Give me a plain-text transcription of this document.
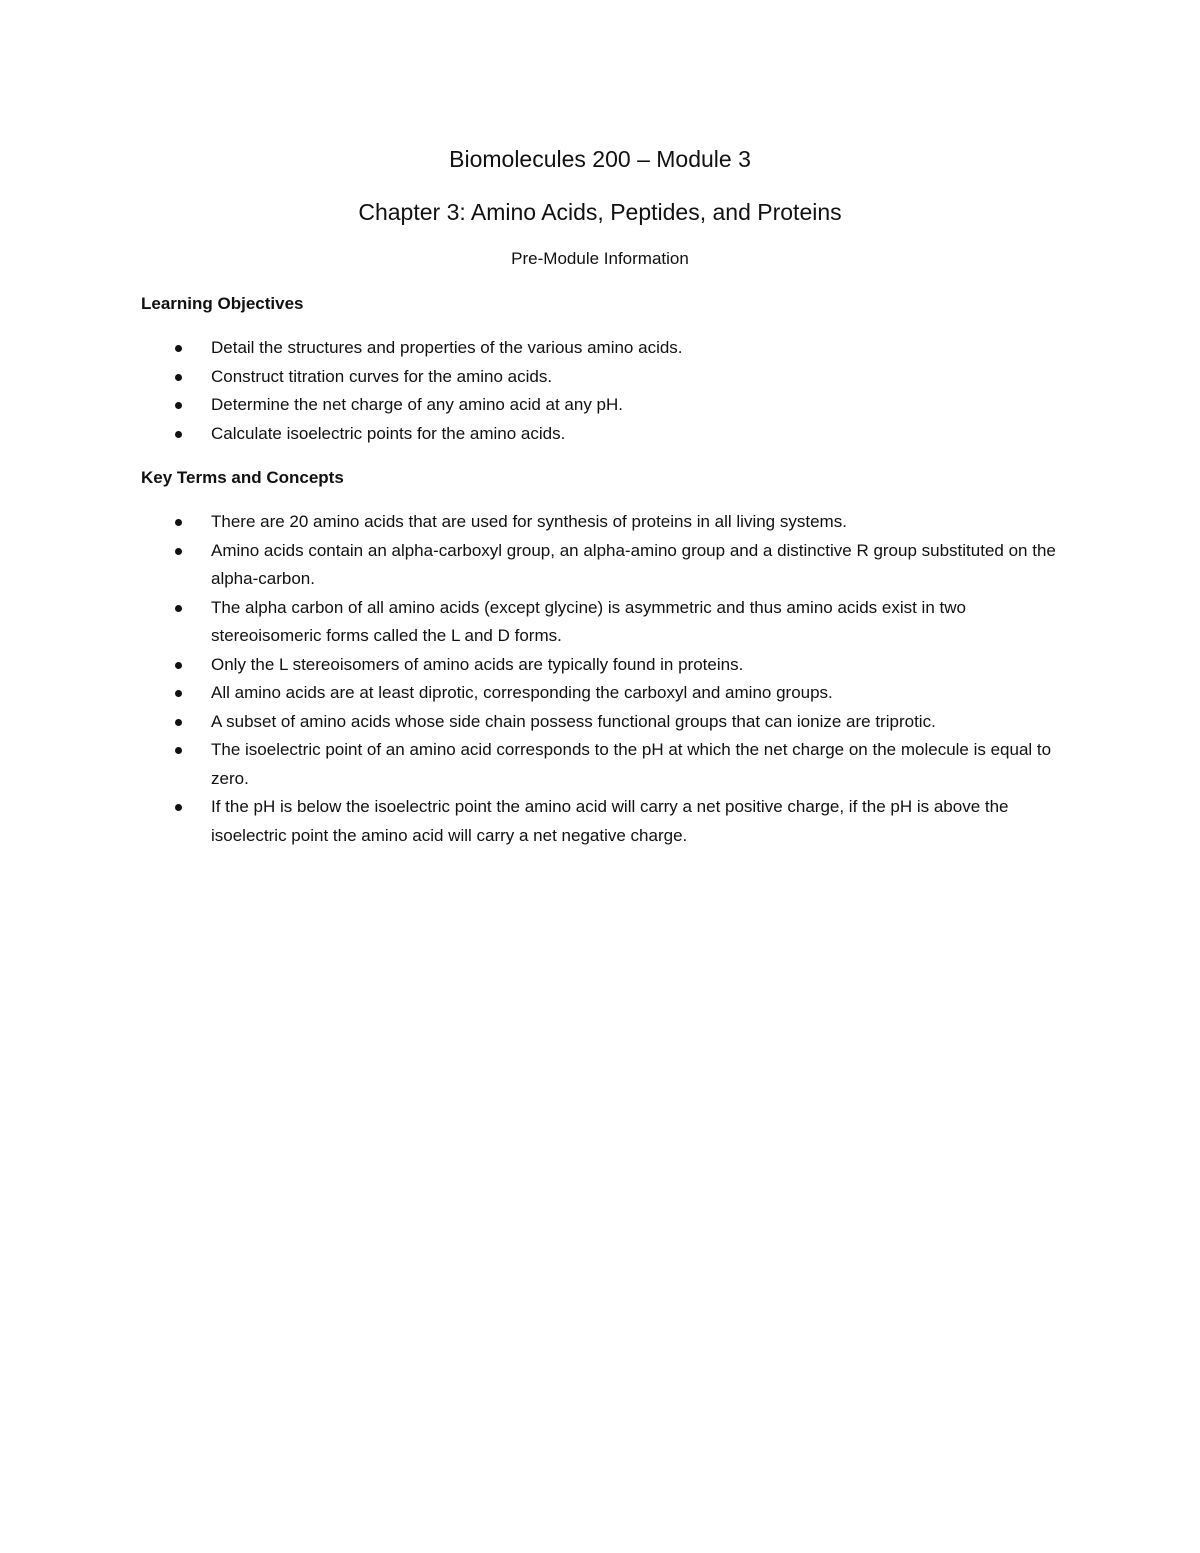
Biomolecules 200 – Module 3
Chapter 3: Amino Acids, Peptides, and Proteins
Pre-Module Information
Learning Objectives
Detail the structures and properties of the various amino acids.
Construct titration curves for the amino acids.
Determine the net charge of any amino acid at any pH.
Calculate isoelectric points for the amino acids.
Key Terms and Concepts
There are 20 amino acids that are used for synthesis of proteins in all living systems.
Amino acids contain an alpha-carboxyl group, an alpha-amino group and a distinctive R group substituted on the alpha-carbon.
The alpha carbon of all amino acids (except glycine) is asymmetric and thus amino acids exist in two stereoisomeric forms called the L and D forms.
Only the L stereoisomers of amino acids are typically found in proteins.
All amino acids are at least diprotic, corresponding the carboxyl and amino groups.
A subset of amino acids whose side chain possess functional groups that can ionize are triprotic.
The isoelectric point of an amino acid corresponds to the pH at which the net charge on the molecule is equal to zero.
If the pH is below the isoelectric point the amino acid will carry a net positive charge, if the pH is above the isoelectric point the amino acid will carry a net negative charge.
